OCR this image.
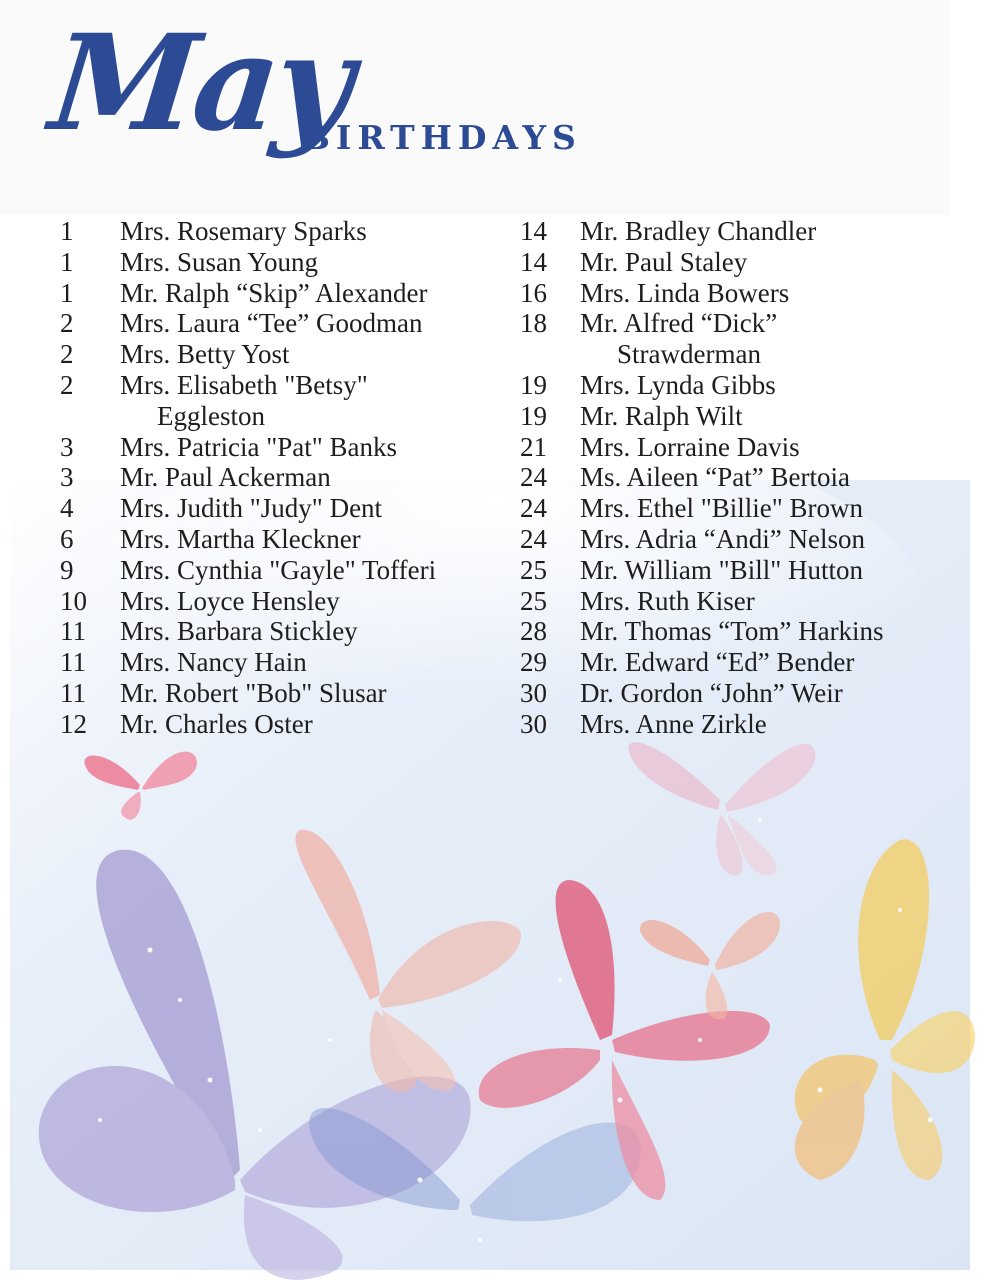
May
BIRTHDAYS
1 Mrs. Rosemary Sparks
1 Mrs. Susan Young
1 Mr. Ralph “Skip” Alexander
2 Mrs. Laura “Tee” Goodman
2 Mrs. Betty Yost
2 Mrs. Elisabeth "Betsy"
Eggleston
3 Mrs. Patricia "Pat" Banks
3 Mr. Paul Ackerman
4 Mrs. Judith "Judy" Dent
6 Mrs. Martha Kleckner
9 Mrs. Cynthia "Gayle" Tofferi
10 Mrs. Loyce Hensley
11 Mrs. Barbara Stickley
11 Mrs. Nancy Hain
11 Mr. Robert "Bob" Slusar
12 Mr. Charles Oster
14 Mr. Bradley Chandler
14 Mr. Paul Staley
16 Mrs. Linda Bowers
18 Mr. Alfred “Dick”
Strawderman
19 Mrs. Lynda Gibbs
19 Mr. Ralph Wilt
21 Mrs. Lorraine Davis
24 Ms. Aileen “Pat” Bertoia
24 Mrs. Ethel "Billie" Brown
24 Mrs. Adria “Andi” Nelson
25 Mr. William "Bill" Hutton
25 Mrs. Ruth Kiser
28 Mr. Thomas “Tom” Harkins
29 Mr. Edward “Ed” Bender
30 Dr. Gordon “John” Weir
30 Mrs. Anne Zirkle
